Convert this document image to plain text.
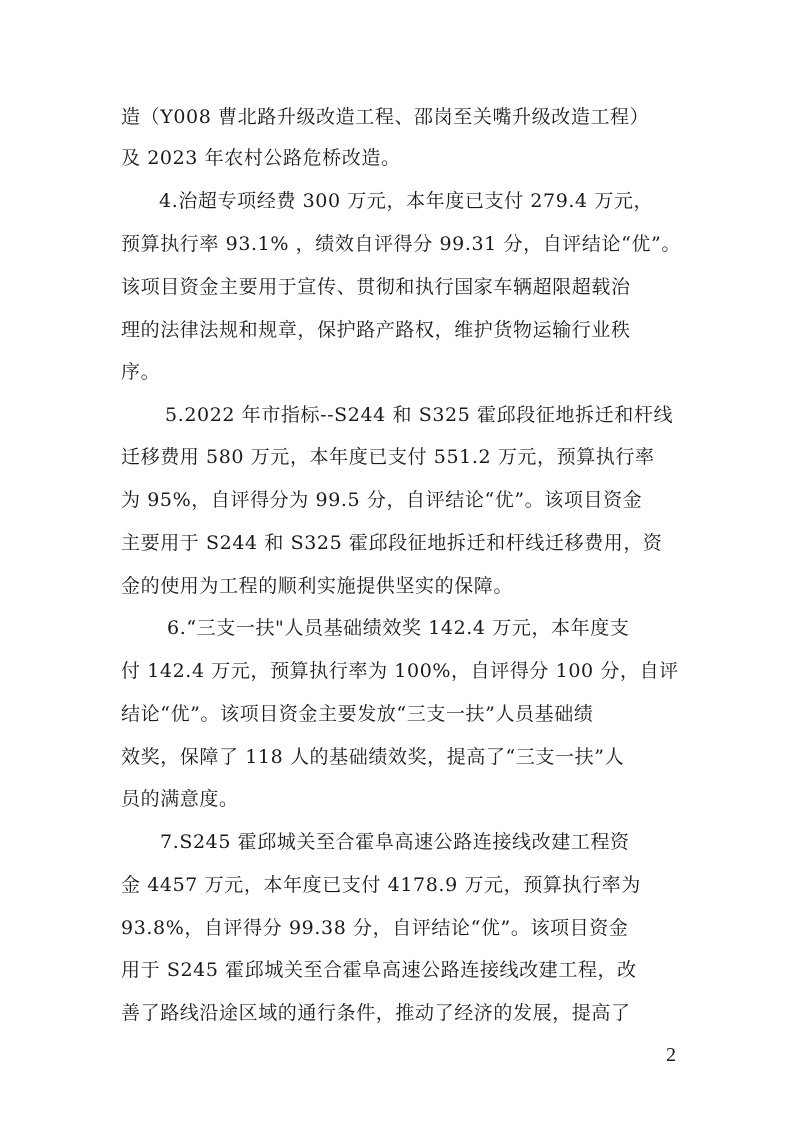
造（Y008 曹北路升级改造工程、邵岗至关嘴升级改造工程）
及 2023 年农村公路危桥改造。
4.治超专项经费 300 万元，本年度已支付 279.4 万元，
预算执行率 93.1% ，绩效自评得分 99.31 分，自评结论“优”。
该项目资金主要用于宣传、贯彻和执行国家车辆超限超载治
理的法律法规和规章，保护路产路权，维护货物运输行业秩
序。
5.2022 年市指标--S244 和 S325 霍邱段征地拆迁和杆线
迁移费用 580 万元，本年度已支付 551.2 万元，预算执行率
为 95%，自评得分为 99.5 分，自评结论“优”。该项目资金
主要用于 S244 和 S325 霍邱段征地拆迁和杆线迁移费用，资
金的使用为工程的顺利实施提供坚实的保障。
6.“三支一扶"人员基础绩效奖 142.4 万元，本年度支
付 142.4 万元，预算执行率为 100%，自评得分 100 分，自评
结论“优”。该项目资金主要发放“三支一扶”人员基础绩
效奖，保障了 118 人的基础绩效奖，提高了“三支一扶”人
员的满意度。
7.S245 霍邱城关至合霍阜高速公路连接线改建工程资
金 4457 万元，本年度已支付 4178.9 万元，预算执行率为
93.8%，自评得分 99.38 分，自评结论“优”。该项目资金
用于 S245 霍邱城关至合霍阜高速公路连接线改建工程，改
善了路线沿途区域的通行条件，推动了经济的发展，提高了
2
